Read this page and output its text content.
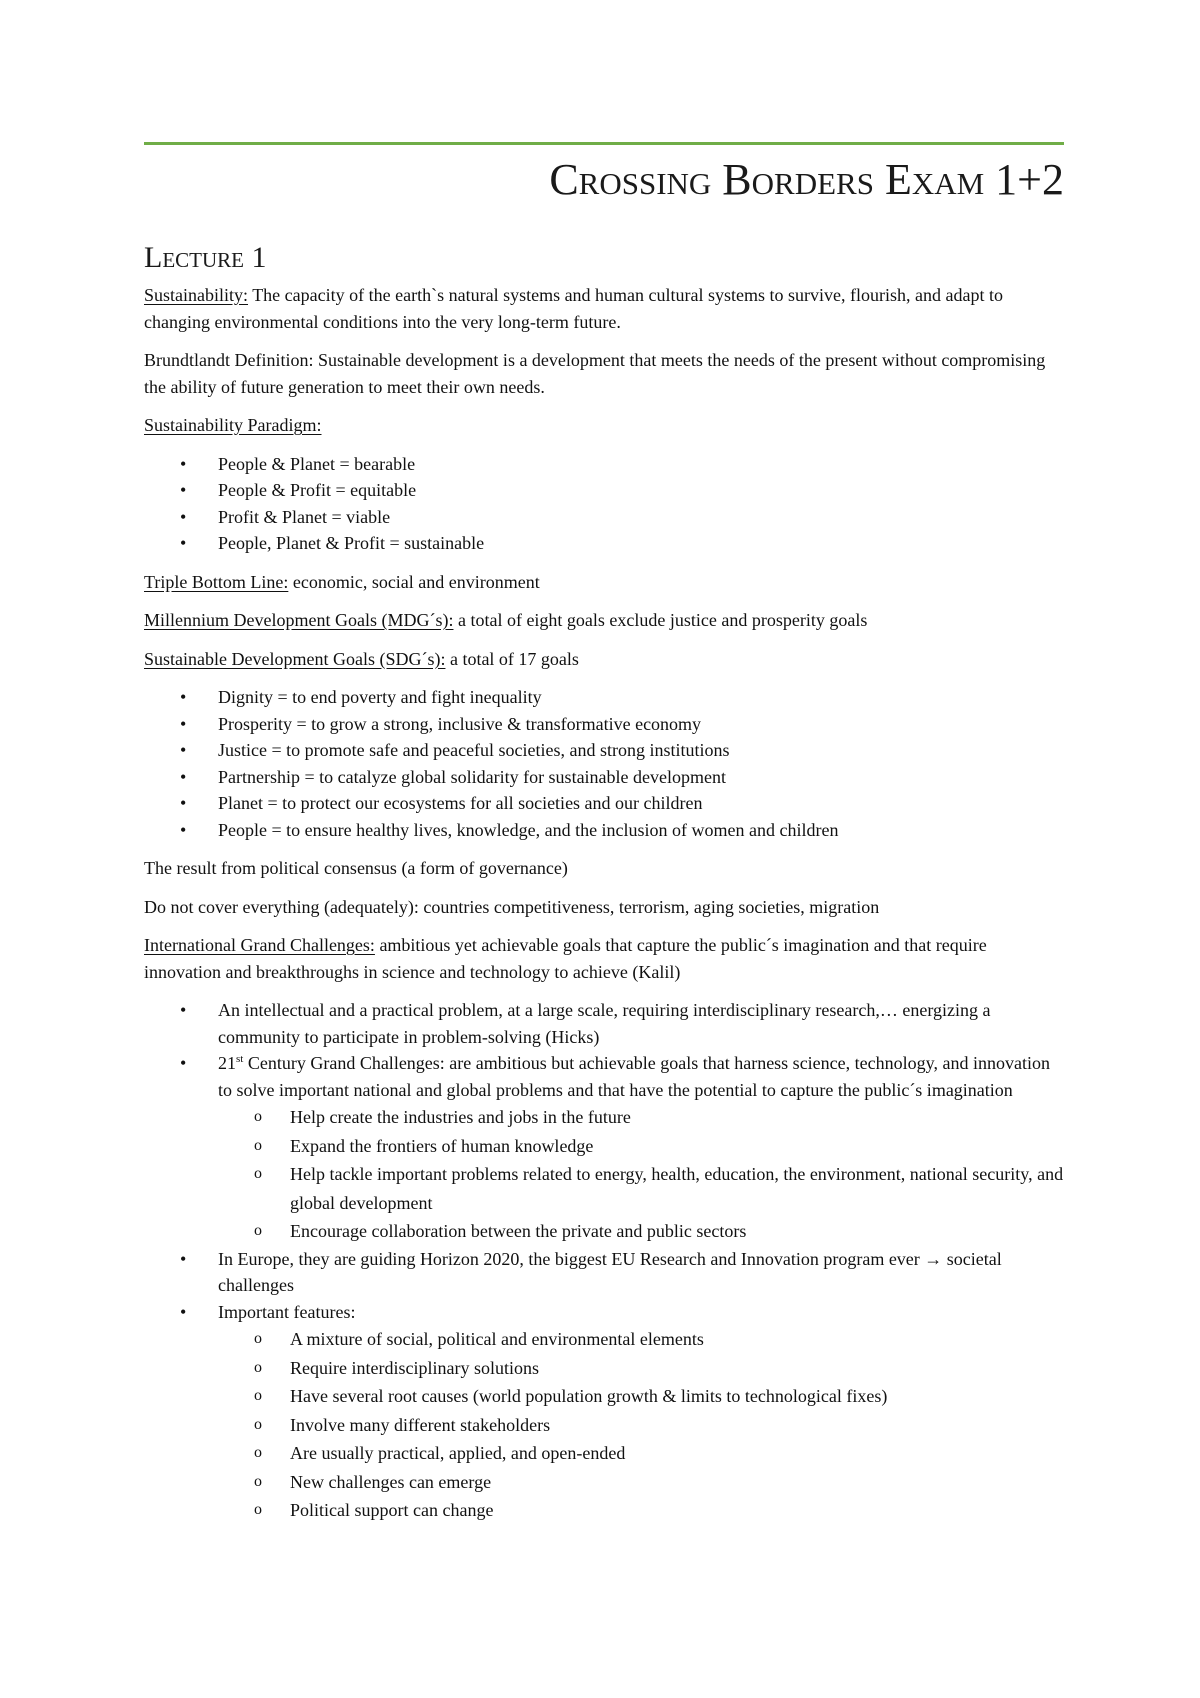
Crossing Borders Exam 1+2
Lecture 1

Sustainability: The capacity of the earth`s natural systems and human cultural systems to survive, flourish, and adapt to changing environmental conditions into the very long-term future.

Brundtlandt Definition: Sustainable development is a development that meets the needs of the present without compromising the ability of future generation to meet their own needs.

Sustainability Paradigm:

• People & Planet = bearable
• People & Profit = equitable
• Profit & Planet = viable
• People, Planet & Profit = sustainable

Triple Bottom Line: economic, social and environment

Millennium Development Goals (MDG´s): a total of eight goals exclude justice and prosperity goals

Sustainable Development Goals (SDG´s): a total of 17 goals

• Dignity = to end poverty and fight inequality
• Prosperity = to grow a strong, inclusive & transformative economy
• Justice = to promote safe and peaceful societies, and strong institutions
• Partnership = to catalyze global solidarity for sustainable development
• Planet = to protect our ecosystems for all societies and our children
• People = to ensure healthy lives, knowledge, and the inclusion of women and children

The result from political consensus (a form of governance)

Do not cover everything (adequately): countries competitiveness, terrorism, aging societies, migration

International Grand Challenges: ambitious yet achievable goals that capture the public´s imagination and that require innovation and breakthroughs in science and technology to achieve (Kalil)

• An intellectual and a practical problem, at a large scale, requiring interdisciplinary research,… energizing a community to participate in problem-solving (Hicks)
• 21st Century Grand Challenges: are ambitious but achievable goals that harness science, technology, and innovation to solve important national and global problems and that have the potential to capture the public´s imagination
o Help create the industries and jobs in the future
o Expand the frontiers of human knowledge
o Help tackle important problems related to energy, health, education, the environment, national security, and global development
o Encourage collaboration between the private and public sectors
• In Europe, they are guiding Horizon 2020, the biggest EU Research and Innovation program ever → societal challenges
• Important features:
o A mixture of social, political and environmental elements
o Require interdisciplinary solutions
o Have several root causes (world population growth & limits to technological fixes)
o Involve many different stakeholders
o Are usually practical, applied, and open-ended
o New challenges can emerge
o Political support can change
